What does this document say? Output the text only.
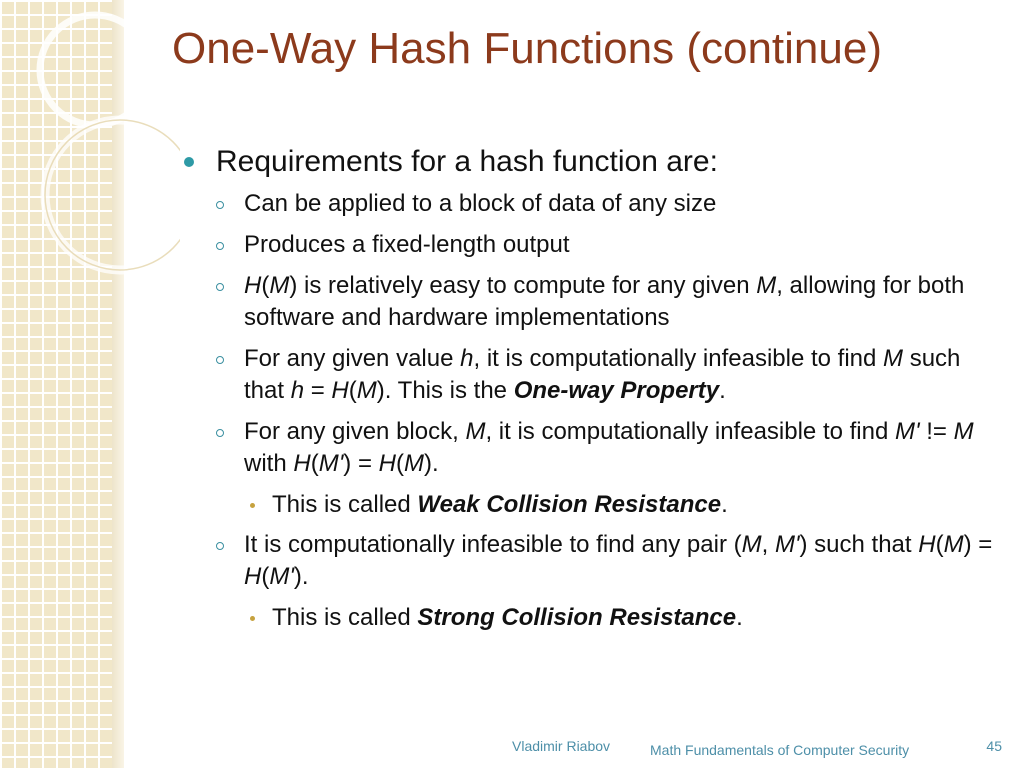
One-Way Hash Functions (continue)
Requirements for a hash function are:
Can be applied to a block of data of any size
Produces a fixed-length output
H(M) is relatively easy to compute for any given M, allowing for both software and hardware implementations
For any given value h, it is computationally infeasible to find M such that h = H(M). This is the One-way Property.
For any given block, M, it is computationally infeasible to find M' != M with H(M') = H(M).
This is called Weak Collision Resistance.
It is computationally infeasible to find any pair (M, M') such that H(M) = H(M').
This is called Strong Collision Resistance.
Vladimir Riabov	Math Fundamentals of Computer Security	45
